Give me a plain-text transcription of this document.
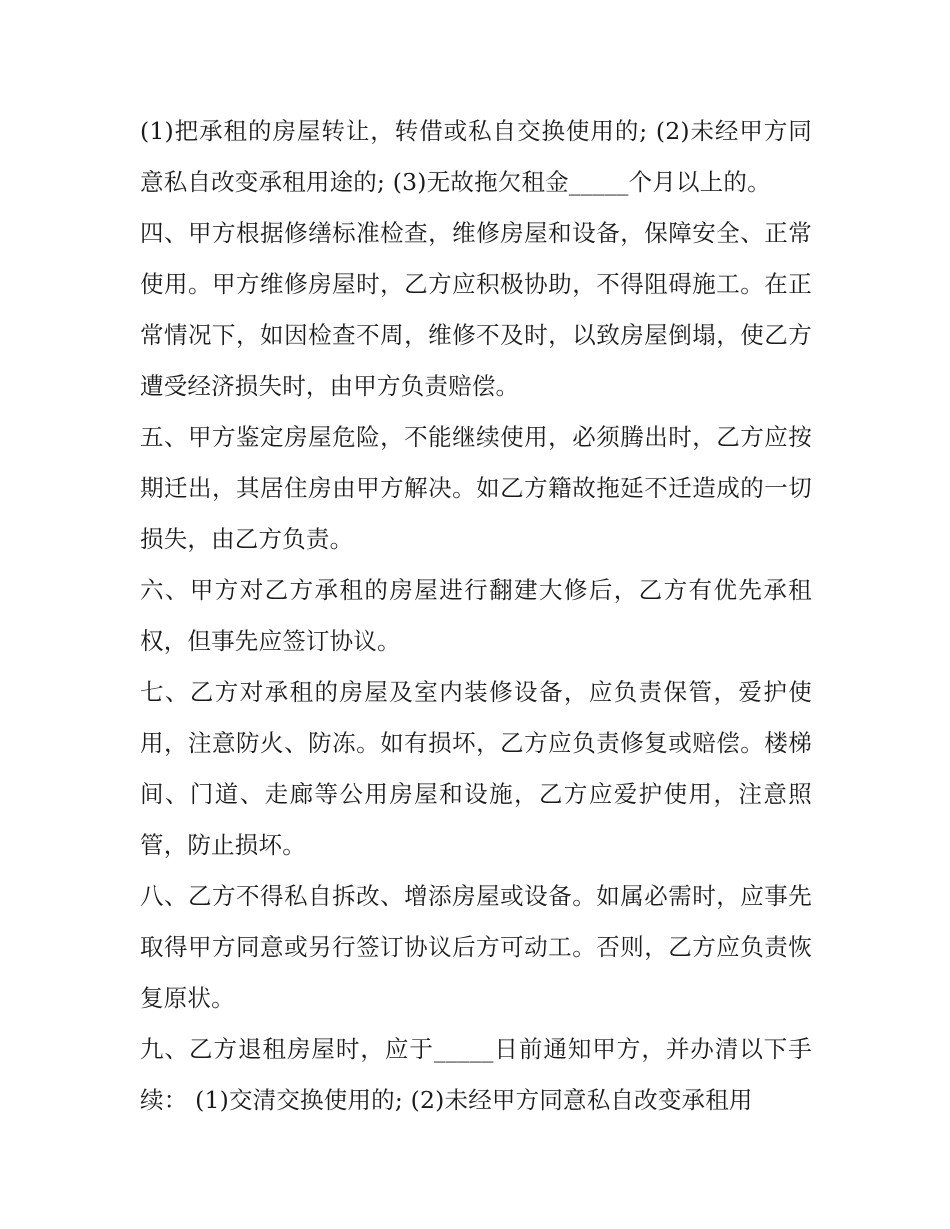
(1)把承租的房屋转让，转借或私自交换使用的; (2)未经甲方同意私自改变承租用途的; (3)无故拖欠租金_____个月以上的。

四、甲方根据修缮标准检查，维修房屋和设备，保障安全、正常使用。甲方维修房屋时，乙方应积极协助，不得阻碍施工。在正常情况下，如因检查不周，维修不及时，以致房屋倒塌，使乙方遭受经济损失时，由甲方负责赔偿。

五、甲方鉴定房屋危险，不能继续使用，必须腾出时，乙方应按期迁出，其居住房由甲方解决。如乙方籍故拖延不迁造成的一切损失，由乙方负责。

六、甲方对乙方承租的房屋进行翻建大修后，乙方有优先承租权，但事先应签订协议。

七、乙方对承租的房屋及室内装修设备，应负责保管，爱护使用，注意防火、防冻。如有损坏，乙方应负责修复或赔偿。楼梯间、门道、走廊等公用房屋和设施，乙方应爱护使用，注意照管，防止损坏。

八、乙方不得私自拆改、增添房屋或设备。如属必需时，应事先取得甲方同意或另行签订协议后方可动工。否则，乙方应负责恢复原状。

九、乙方退租房屋时，应于_____日前通知甲方，并办清以下手续： (1)交清交换使用的; (2)未经甲方同意私自改变承租用
